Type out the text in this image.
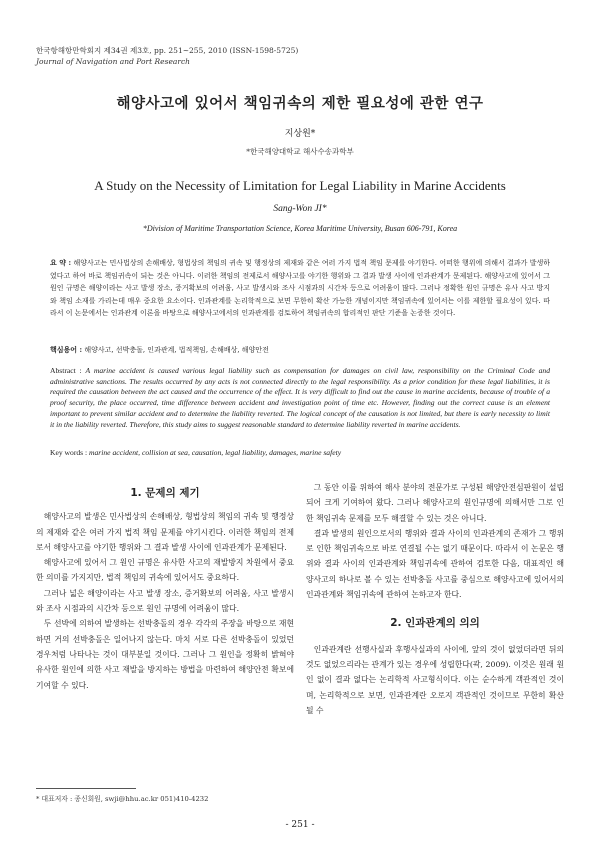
한국항해항만학회지 제34권 제3호, pp. 251~255, 2010 (ISSN-1598-5725)
Journal of Navigation and Port Research
해양사고에 있어서 책임귀속의 제한 필요성에 관한 연구
지상원*
*한국해양대학교 해사수송과학부
A Study on the Necessity of Limitation for Legal Liability in Marine Accidents
Sang-Won JI*
*Division of Maritime Transportation Science, Korea Maritime University, Busan 606-791, Korea
요 약 : 해양사고는 민사법상의 손해배상, 형법상의 책임의 귀속 및 행정상의 제재와 같은 여러 가지 법적 책임 문제를 야기한다. 어떠한 행위에 의해서 결과가 발생하였다고 하여 바로 책임귀속이 되는 것은 아니다. 이러한 책임의 전제로서 해양사고를 야기한 행위와 그 결과 발생 사이에 인과관계가 문제된다. 해양사고에 있어서 그 원인 규명은 해양이라는 사고 발생 장소, 증거확보의 어려움, 사고 발생시와 조사 시점과의 시간차 등으로 어려움이 많다. 그러나 정확한 원인 규명은 유사 사고 방지와 책임 소재를 가리는데 매우 중요한 요소이다. 인과관계를 논리학적으로 보면 무한히 확산 가능한 개념이지만 책임귀속에 있어서는 이를 제한할 필요성이 있다. 따라서 이 논문에서는 인과관계 이론을 바탕으로 해양사고에서의 인과관계를 검토하여 책임귀속의 합리적인 판단 기준을 논증한 것이다.
핵심용어 : 해양사고, 선박충돌, 인과관계, 법적책임, 손해배상, 해양안전
Abstract : A marine accident is caused various legal liability such as compensation for damages on civil law, responsibility on the Criminal Code and administrative sanctions. The results occurred by any acts is not connected directly to the legal responsibility. As a prior condition for these legal liabilities, it is required the causation between the act caused and the occurrence of the effect. It is very difficult to find out the cause in marine accidents, because of trouble of a proof security, the place occurred, time difference between accident and investigation point of time etc. However, finding out the correct cause is an element important to prevent similar accident and to determine the liability reverted. The logical concept of the causation is not limited, but there is early necessity to limit it in the liability reverted. Therefore, this study aims to suggest reasonable standard to determine liability reverted in marine accidents.
Key words : marine accident, collision at sea, causation, legal liability, damages, marine safety
1. 문제의 제기

해양사고의 발생은 민사법상의 손해배상, 형법상의 책임의 귀속 및 행정상의 제재와 같은 여러 가지 법적 책임 문제를 야기시킨다. 이러한 책임의 전제로서 해양사고를 야기한 행위와 그 결과 발생 사이에 인과관계가 문제된다.

해양사고에 있어서 그 원인 규명은 유사한 사고의 재발방지 차원에서 중요한 의미를 가지지만, 법적 책임의 귀속에 있어서도 중요하다.

그러나 넓은 해양이라는 사고 발생 장소, 증거확보의 어려움, 사고 발생시와 조사 시점과의 시간차 등으로 원인 규명에 어려움이 많다.

두 선박에 의하여 발생하는 선박충돌의 경우 각각의 주장을 바탕으로 재현하면 거의 선박충돌은 일어나지 않는다. 마치 서로 다른 선박충돌이 있었던 경우처럼 나타나는 것이 대부분일 것이다. 그러나 그 원인을 정확히 밝혀야 유사한 원인에 의한 사고 재발을 방지하는 방법을 마련하여 해양안전 확보에 기여할 수 있다.

그 동안 이를 위하여 해사 분야의 전문가로 구성된 해양안전심판원이 설립되어 크게 기여하여 왔다. 그러나 해양사고의 원인규명에 의해서만 그로 인한 책임귀속 문제를 모두 해결할 수 있는 것은 아니다.

결과 발생의 원인으로서의 행위와 결과 사이의 인과관계의 존재가 그 행위로 인한 책임귀속으로 바로 연결될 수는 없기 때문이다. 따라서 이 논문은 행위와 결과 사이의 인과관계와 책임귀속에 관하여 검토한 다음, 대표적인 해양사고의 하나로 볼 수 있는 선박충돌 사고를 중심으로 해양사고에 있어서의 인과관계와 책임귀속에 관하여 논하고자 한다.

2. 인과관계의 의의

인과관계란 선행사실과 후행사실과의 사이에, 앞의 것이 없었더라면 뒤의 것도 없었으리라는 관계가 있는 경우에 성립한다(곽, 2009). 이것은 원래 원인 없이 결과 없다는 논리학적 사고형식이다. 이는 순수하게 객관적인 것이며, 논리학적으로 보면, 인과관계란 오로지 객관적인 것이므로 무한히 확산될 수

* 대표저자 : 종신회원, swji@hhu.ac.kr 051)410-4232
- 251 -
